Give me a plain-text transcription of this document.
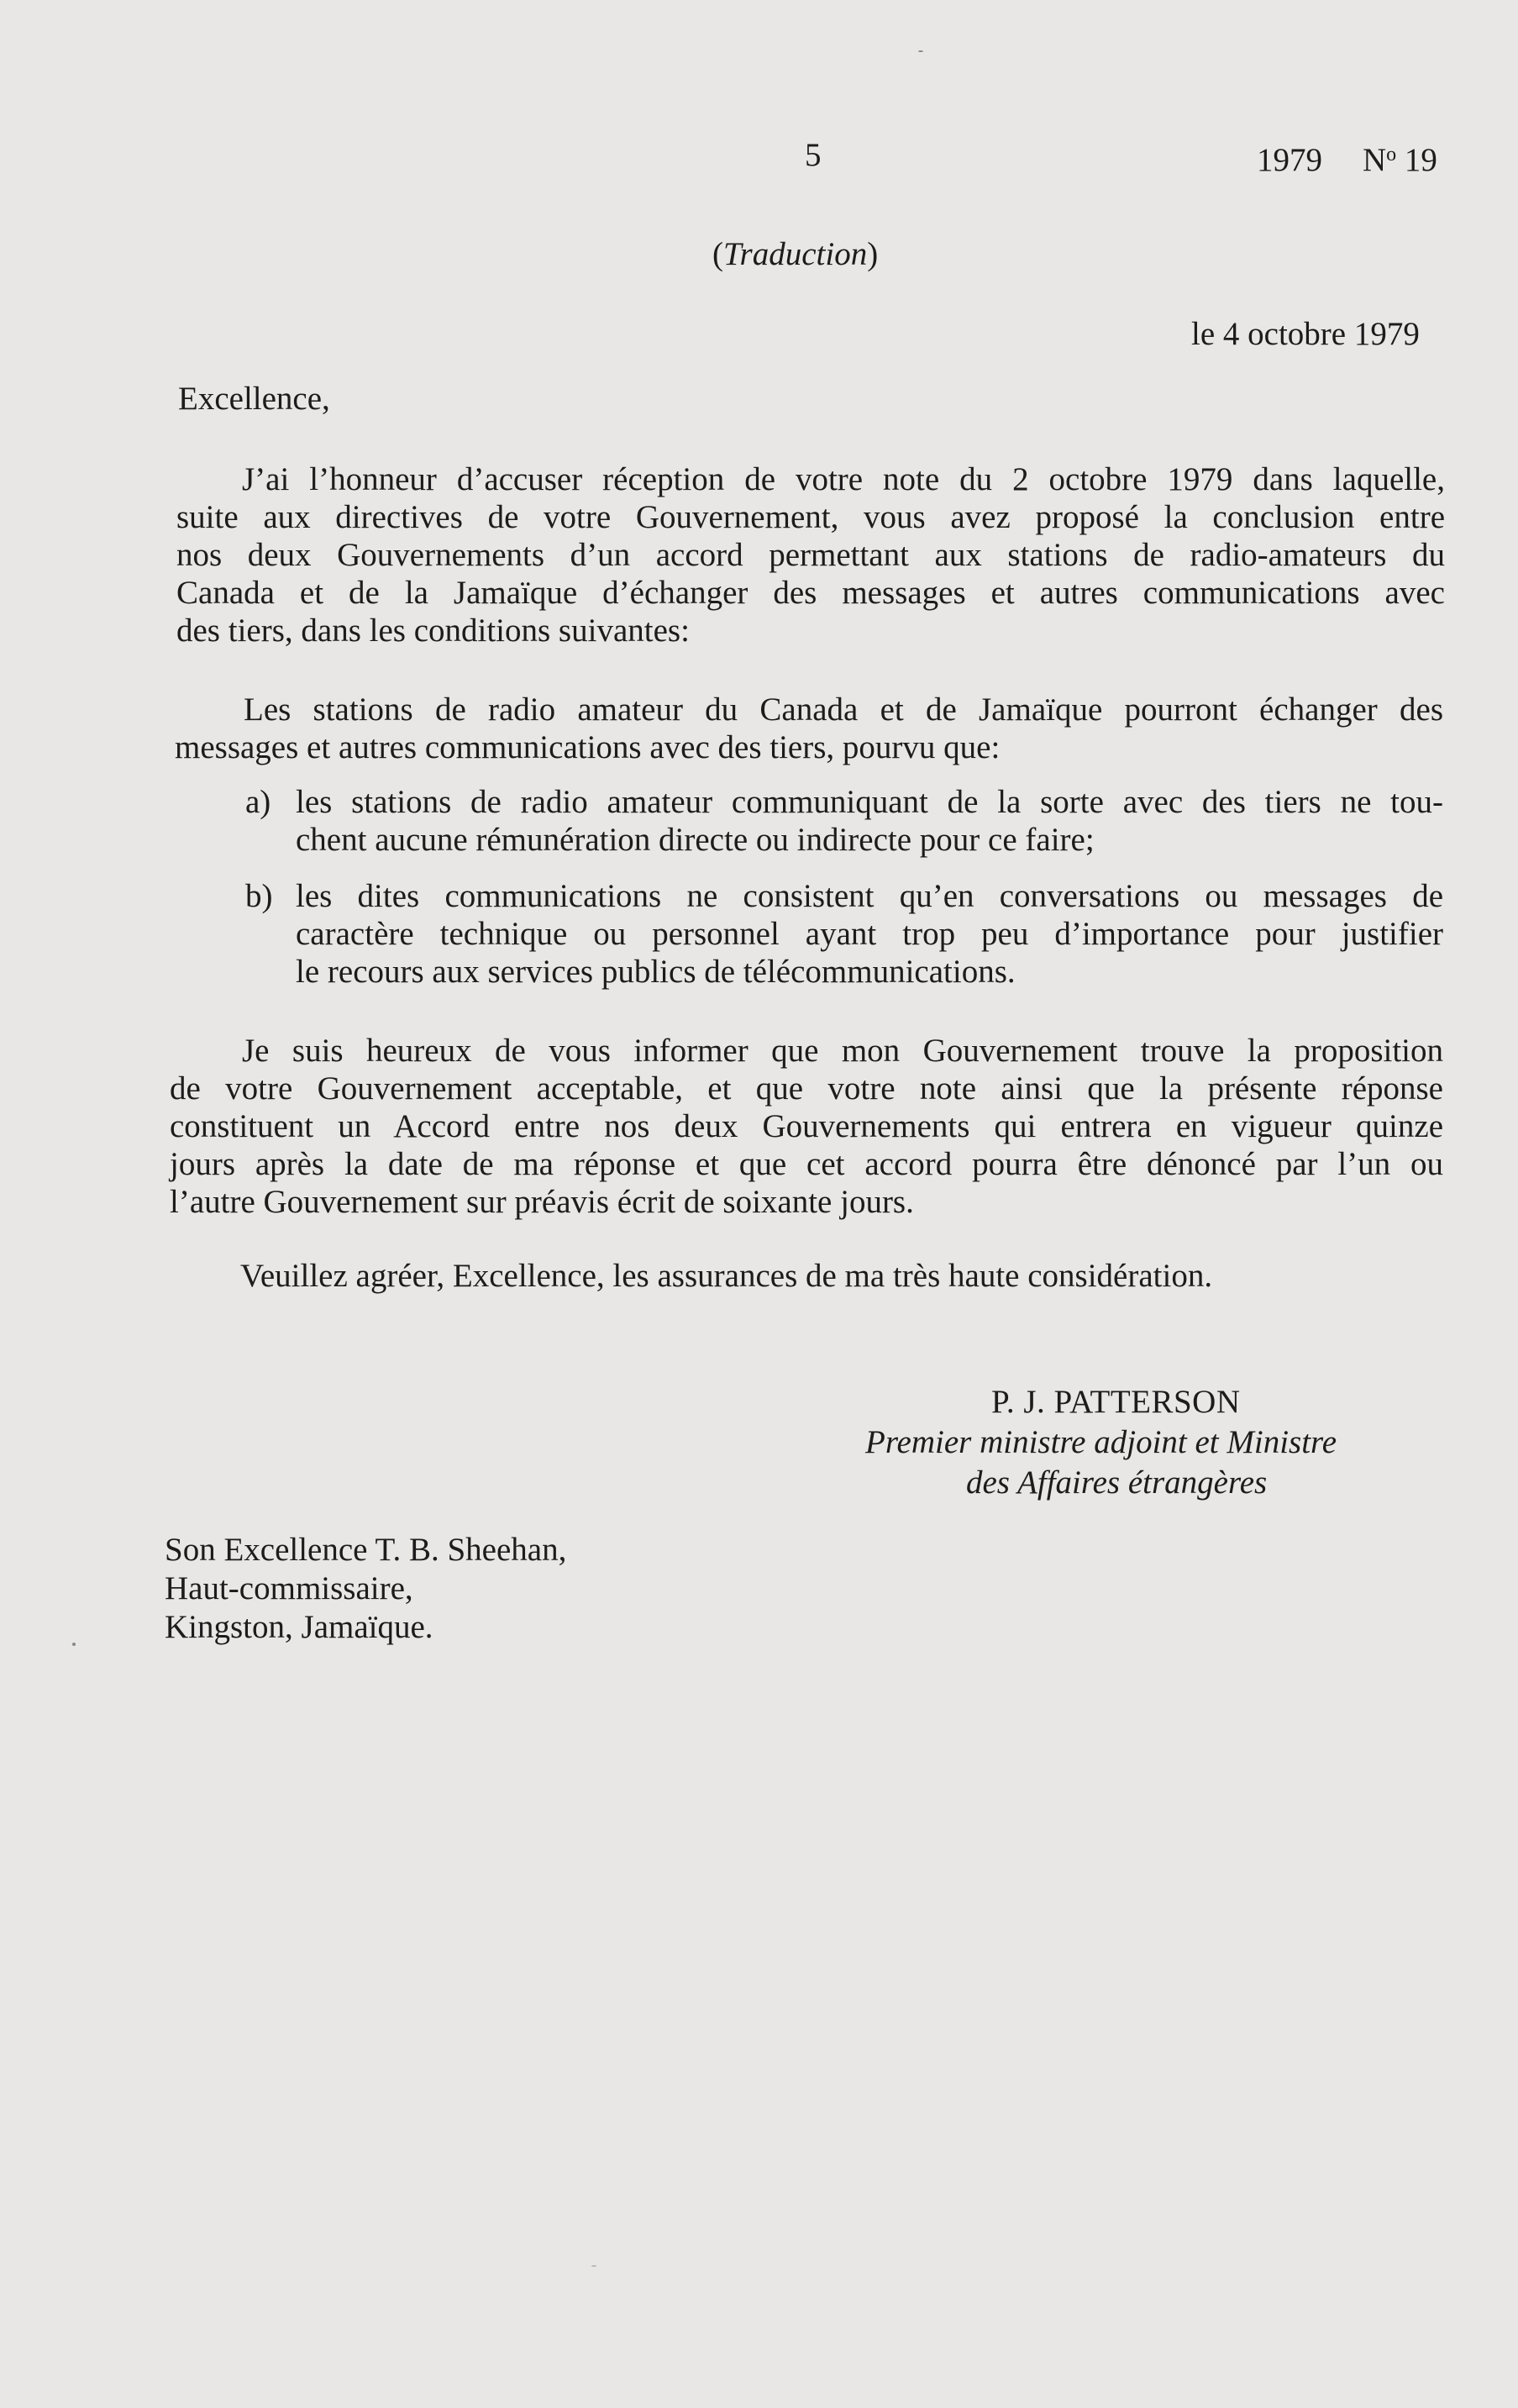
5	1979 $N^o$ 19
(Traduction)
le 4 octobre 1979
Excellence,
J’ai l’honneur d’accuser réception de votre note du 2 octobre 1979 dans laquelle,
suite aux directives de votre Gouvernement, vous avez proposé la conclusion entre
nos deux Gouvernements d’un accord permettant aux stations de radio-amateurs du
Canada et de la Jamaïque d’échanger des messages et autres communications avec
des tiers, dans les conditions suivantes:
Les stations de radio amateur du Canada et de Jamaïque pourront échanger des
messages et autres communications avec des tiers, pourvu que:
a) les stations de radio amateur communiquant de la sorte avec des tiers ne tou-
chent aucune rémunération directe ou indirecte pour ce faire;
b) les dites communications ne consistent qu’en conversations ou messages de
caractère technique ou personnel ayant trop peu d’importance pour justifier
le recours aux services publics de télécommunications.
Je suis heureux de vous informer que mon Gouvernement trouve la proposition
de votre Gouvernement acceptable, et que votre note ainsi que la présente réponse
constituent un Accord entre nos deux Gouvernements qui entrera en vigueur quinze
jours après la date de ma réponse et que cet accord pourra être dénoncé par l’un ou
l’autre Gouvernement sur préavis écrit de soixante jours.
Veuillez agréer, Excellence, les assurances de ma très haute considération.
P. J. PATTERSON
Premier ministre adjoint et Ministre
des Affaires étrangères
Son Excellence T. B. Sheehan,
Haut-commissaire,
Kingston, Jamaïque.
